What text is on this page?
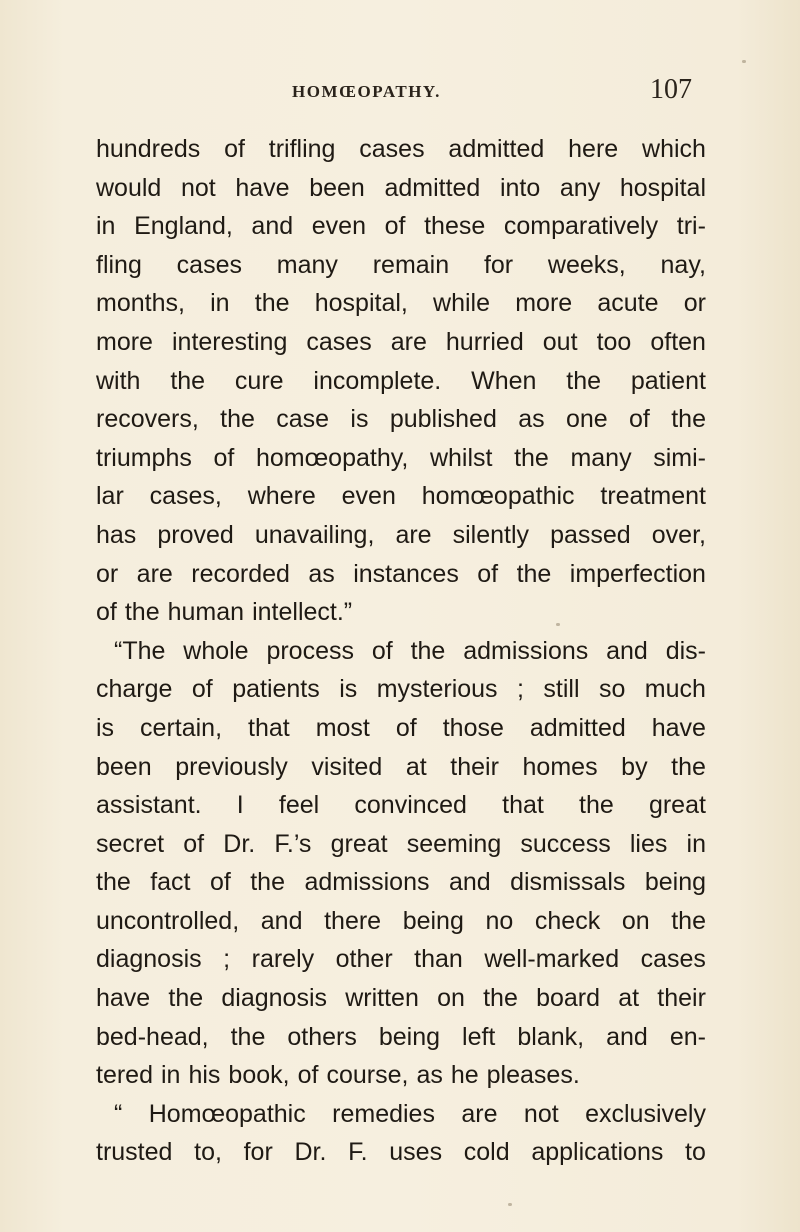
HOMŒOPATHY.	107
hundreds of trifling cases admitted here which
would not have been admitted into any hospital
in England, and even of these comparatively tri-
fling cases many remain for weeks, nay,
months, in the hospital, while more acute or
more interesting cases are hurried out too often
with the cure incomplete. When the patient
recovers, the case is published as one of the
triumphs of homœopathy, whilst the many simi-
lar cases, where even homœopathic treatment
has proved unavailing, are silently passed over,
or are recorded as instances of the imperfection
of the human intellect.”
“The whole process of the admissions and dis-
charge of patients is mysterious ; still so much
is certain, that most of those admitted have
been previously visited at their homes by the
assistant. I feel convinced that the great
secret of Dr. F.’s great seeming success lies in
the fact of the admissions and dismissals being
uncontrolled, and there being no check on the
diagnosis ; rarely other than well-marked cases
have the diagnosis written on the board at their
bed-head, the others being left blank, and en-
tered in his book, of course, as he pleases.
“ Homœopathic remedies are not exclusively
trusted to, for Dr. F. uses cold applications to
